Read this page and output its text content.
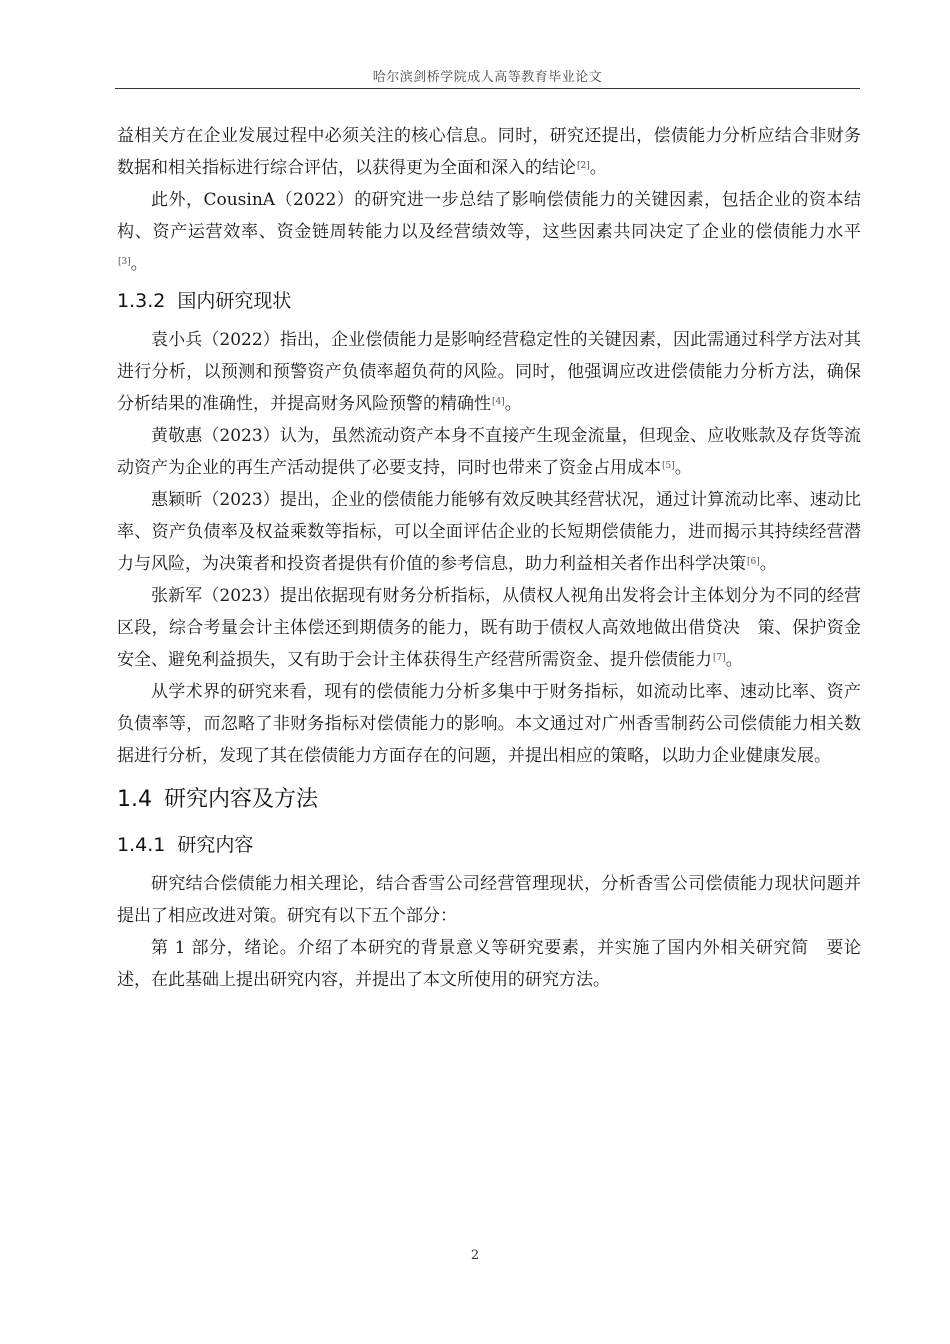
哈尔滨剑桥学院成人高等教育毕业论文

益相关方在企业发展过程中必须关注的核心信息。同时，研究还提出，偿债能力分析应结合非财务数据和相关指标进行综合评估，以获得更为全面和深入的结论[2]。

此外，CousinA（2022）的研究进一步总结了影响偿债能力的关键因素，包括企业的资本结构、资产运营效率、资金链周转能力以及经营绩效等，这些因素共同决定了企业的偿债能力水平[3]。

1.3.2 国内研究现状

袁小兵（2022）指出，企业偿债能力是影响经营稳定性的关键因素，因此需通过科学方法对其进行分析，以预测和预警资产负债率超负荷的风险。同时，他强调应改进偿债能力分析方法，确保分析结果的准确性，并提高财务风险预警的精确性[4]。

黄敬惠（2023）认为，虽然流动资产本身不直接产生现金流量，但现金、应收账款及存货等流动资产为企业的再生产活动提供了必要支持，同时也带来了资金占用成本[5]。

惠颖昕（2023）提出，企业的偿债能力能够有效反映其经营状况，通过计算流动比率、速动比率、资产负债率及权益乘数等指标，可以全面评估企业的长短期偿债能力，进而揭示其持续经营潜力与风险，为决策者和投资者提供有价值的参考信息，助力利益相关者作出科学决策[6]。

张新军（2023）提出依据现有财务分析指标，从债权人视角出发将会计主体划分为不同的经营区段，综合考量会计主体偿还到期债务的能力，既有助于债权人高效地做出借贷决　策、保护资金安全、避免利益损失，又有助于会计主体获得生产经营所需资金、提升偿债能力[7]。

从学术界的研究来看，现有的偿债能力分析多集中于财务指标，如流动比率、速动比率、资产负债率等，而忽略了非财务指标对偿债能力的影响。本文通过对广州香雪制药公司偿债能力相关数据进行分析，发现了其在偿债能力方面存在的问题，并提出相应的策略，以助力企业健康发展。

1.4 研究内容及方法
1.4.1 研究内容

研究结合偿债能力相关理论，结合香雪公司经营管理现状，分析香雪公司偿债能力现状问题并提出了相应改进对策。研究有以下五个部分：

第 1 部分，绪论。介绍了本研究的背景意义等研究要素，并实施了国内外相关研究简　要论述，在此基础上提出研究内容，并提出了本文所使用的研究方法。

2
